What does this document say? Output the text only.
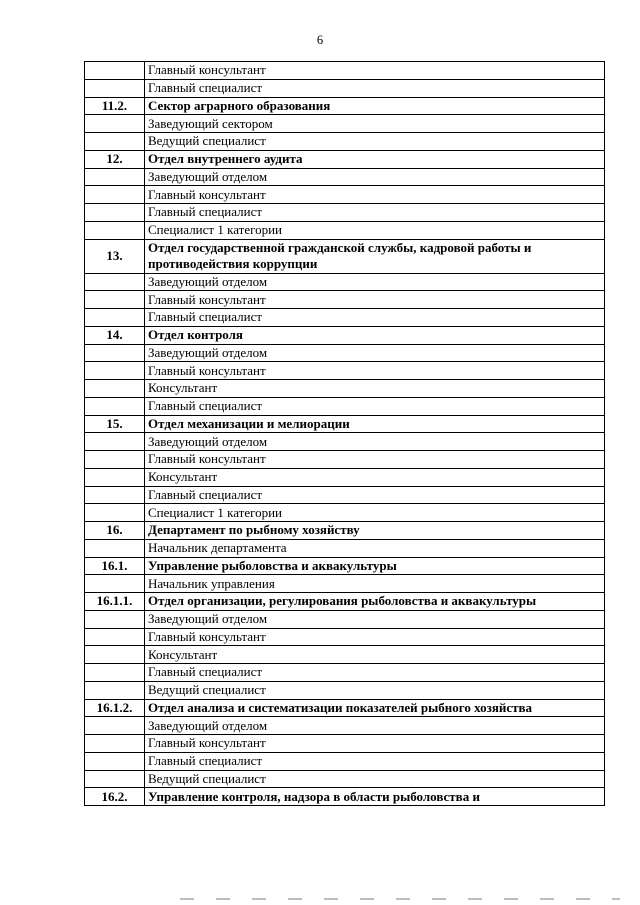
6
	Главный консультант
	Главный специалист
11.2.	Сектор аграрного образования
	Заведующий сектором
	Ведущий специалист
12.	Отдел внутреннего аудита
	Заведующий отделом
	Главный консультант
	Главный специалист
	Специалист 1 категории
13.	Отдел государственной гражданской службы, кадровой работы и противодействия коррупции
	Заведующий отделом
	Главный консультант
	Главный специалист
14.	Отдел контроля
	Заведующий отделом
	Главный консультант
	Консультант
	Главный специалист
15.	Отдел механизации и мелиорации
	Заведующий отделом
	Главный консультант
	Консультант
	Главный специалист
	Специалист 1 категории
16.	Департамент по рыбному хозяйству
	Начальник департамента
16.1.	Управление рыболовства и аквакультуры
	Начальник управления
16.1.1.	Отдел организации, регулирования рыболовства и аквакультуры
	Заведующий отделом
	Главный консультант
	Консультант
	Главный специалист
	Ведущий специалист
16.1.2.	Отдел анализа и систематизации показателей рыбного хозяйства
	Заведующий отделом
	Главный консультант
	Главный специалист
	Ведущий специалист
16.2.	Управление контроля, надзора в области рыболовства и
